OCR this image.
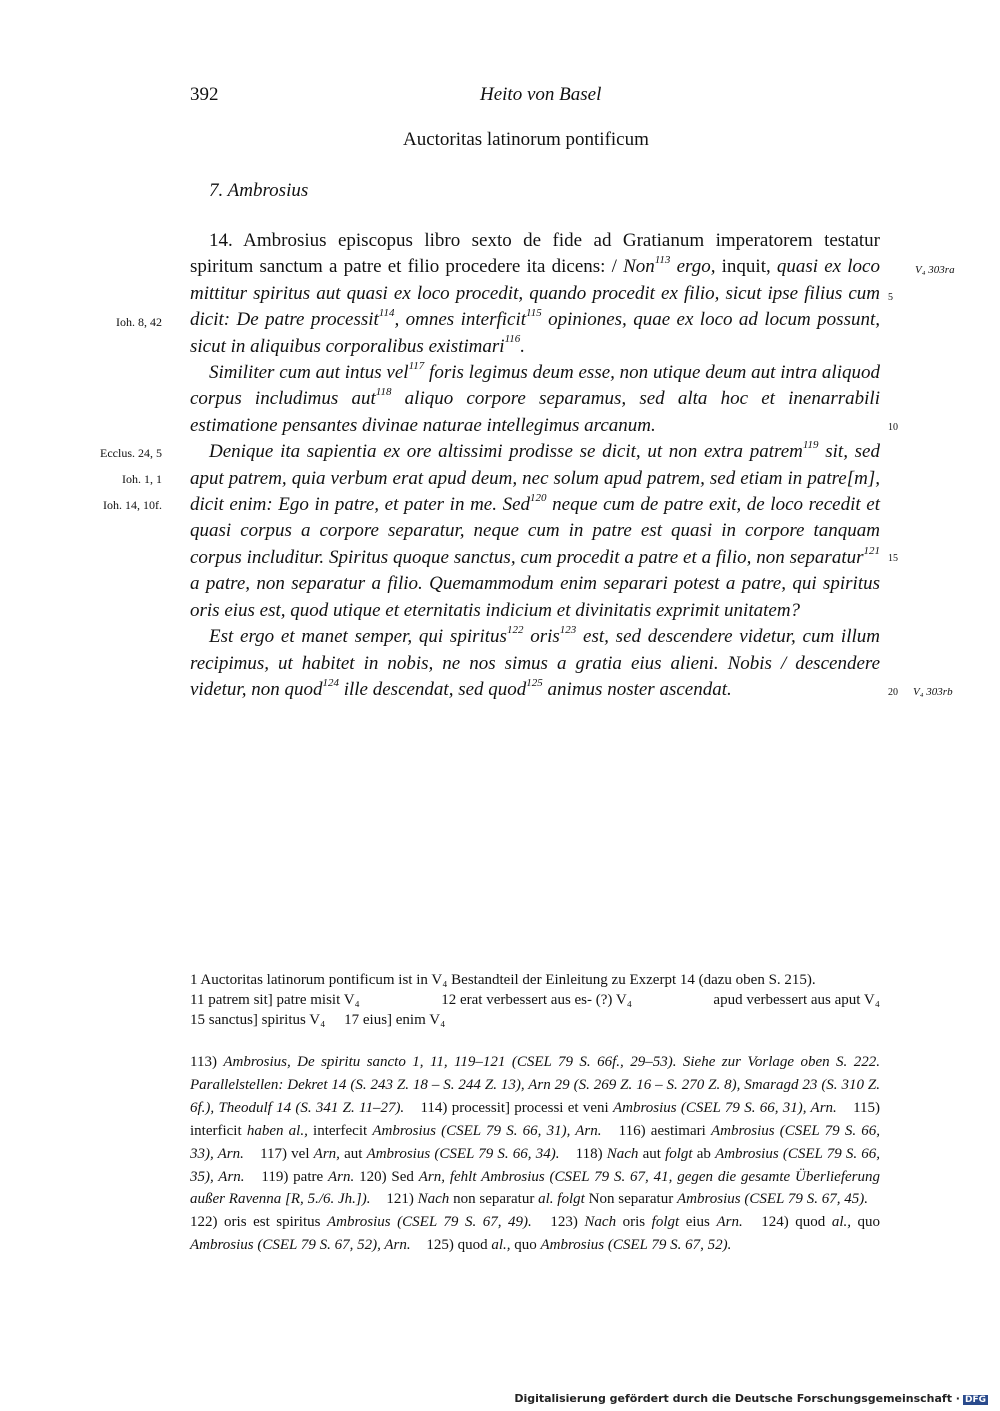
392	Heito von Basel
Auctoritas latinorum pontificum
7. Ambrosius
Ioh. 8, 42
Ecclus. 24, 5
Ioh. 1, 1
Ioh. 14, 10f.
V₄ 303ra
V₄ 303rb
5
10
15
20

14. Ambrosius episcopus libro sexto de fide ad Gratianum imperatorem testatur spiritum sanctum a patre et filio procedere ita dicens: / Non$^{113}$ ergo, inquit, quasi ex loco mittitur spiritus aut quasi ex loco procedit, quando procedit ex filio, sicut ipse filius cum dicit: De patre processit$^{114}$, omnes interficit$^{115}$ opiniones, quae ex loco ad locum possunt, sicut in aliquibus corporalibus existimari$^{116}$.

Similiter cum aut intus vel$^{117}$ foris legimus deum esse, non utique deum aut intra aliquod corpus includimus aut$^{118}$ aliquo corpore separamus, sed alta hoc et inenarrabili estimatione pensantes divinae naturae intellegimus arcanum.

Denique ita sapientia ex ore altissimi prodisse se dicit, ut non extra patrem$^{119}$ sit, sed aput patrem, quia verbum erat apud deum, nec solum apud patrem, sed etiam in patre[m], dicit enim: Ego in patre, et pater in me. Sed$^{120}$ neque cum de patre exit, de loco recedit et quasi corpus a corpore separatur, neque cum in patre est quasi in corpore tanquam corpus includitur. Spiritus quoque sanctus, cum procedit a patre et a filio, non separatur$^{121}$ a patre, non separatur a filio. Quemammodum enim separari potest a patre, qui spiritus oris eius est, quod utique et eternitatis indicium et divinitatis exprimit unitatem?

Est ergo et manet semper, qui spiritus$^{122}$ oris$^{123}$ est, sed descendere videtur, cum illum recipimus, ut habitet in nobis, ne nos simus a gratia eius alieni. Nobis / descendere videtur, non quod$^{124}$ ille descendat, sed quod$^{125}$ animus noster ascendat.

1 Auctoritas latinorum pontificum ist in V₄ Bestandteil der Einleitung zu Exzerpt 14 (dazu oben S. 215).
11 patrem sit] patre misit V₄	12 erat verbessert aus es- (?) V₄	apud verbessert aus aput V₄
15 sanctus] spiritus V₄     17 eius] enim V₄
113) Ambrosius, De spiritu sancto 1, 11, 119–121 (CSEL 79 S. 66f., 29–53). Siehe zur Vorlage oben S. 222. Parallelstellen: Dekret 14 (S. 243 Z. 18 – S. 244 Z. 13), Arn 29 (S. 269 Z. 16 – S. 270 Z. 8), Smaragd 23 (S. 310 Z. 6f.), Theodulf 14 (S. 341 Z. 11–27). 114) processit] processi et veni Ambrosius (CSEL 79 S. 66, 31), Arn. 115) interficit haben al., interfecit Ambrosius (CSEL 79 S. 66, 31), Arn. 116) aestimari Ambrosius (CSEL 79 S. 66, 33), Arn. 117) vel Arn, aut Ambrosius (CSEL 79 S. 66, 34). 118) Nach aut folgt ab Ambrosius (CSEL 79 S. 66, 35), Arn. 119) patre Arn. 120) Sed Arn, fehlt Ambrosius (CSEL 79 S. 67, 41, gegen die gesamte Überlieferung außer Ravenna [R, 5./6. Jh.]). 121) Nach non separatur al. folgt Non separatur Ambrosius (CSEL 79 S. 67, 45). 122) oris est spiritus Ambrosius (CSEL 79 S. 67, 49). 123) Nach oris folgt eius Arn. 124) quod al., quo Ambrosius (CSEL 79 S. 67, 52), Arn. 125) quod al., quo Ambrosius (CSEL 79 S. 67, 52).
Digitalisierung gefördert durch die Deutsche Forschungsgemeinschaft · DFG
